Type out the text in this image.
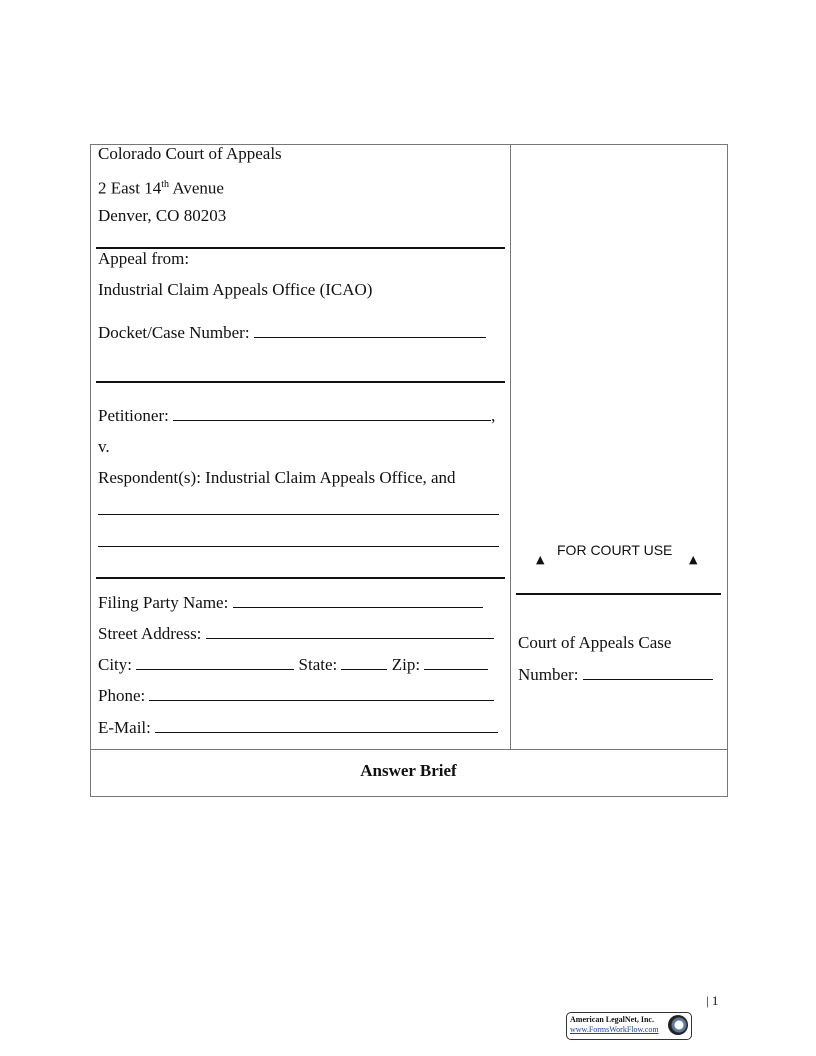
Colorado Court of Appeals
2 East 14th Avenue
Denver, CO 80203
Appeal from:
Industrial Claim Appeals Office (ICAO)
Docket/Case Number:
Petitioner:	,
v.
Respondent(s): Industrial Claim Appeals Office, and
Filing Party Name:
Street Address:
City:	State:	Zip:
Phone:
E-Mail:
▲
FOR COURT USE
▲
Court of Appeals Case
Number:
Answer Brief
| 1
American LegalNet, Inc.
www.FormsWorkFlow.com
